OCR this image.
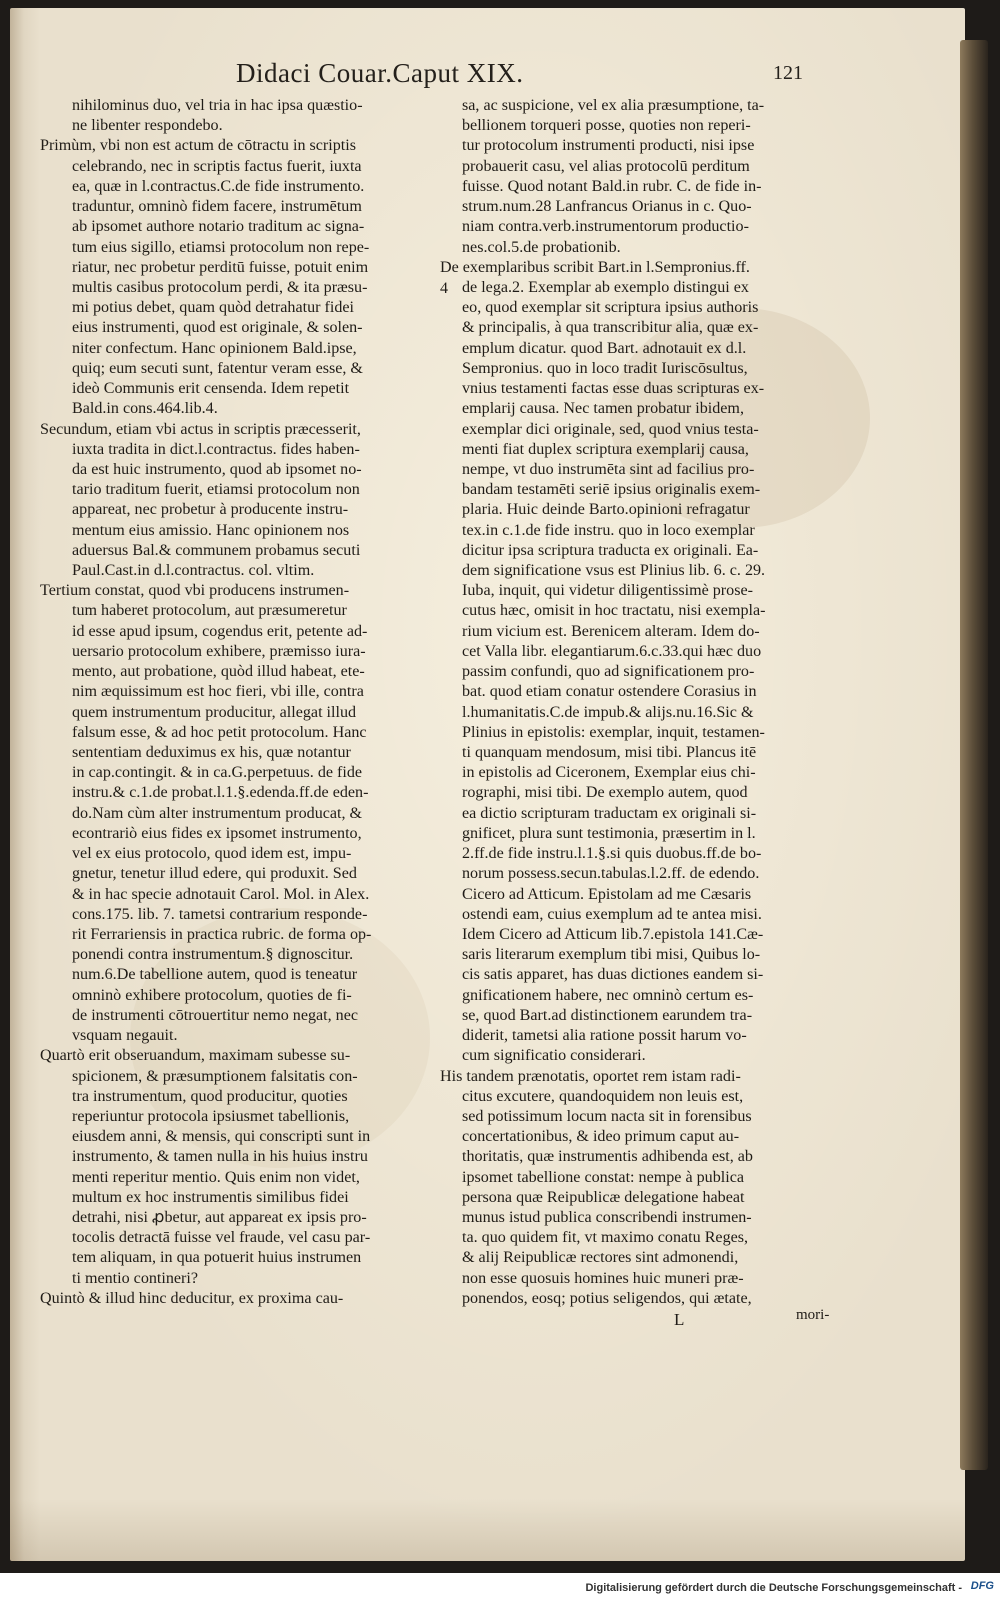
Didaci Couar.Caput XIX.	121
nihilominus duo, vel tria in hac ipsa quæstio-
ne libenter respondebo.
Primùm, vbi non est actum de cōtractu in scriptis
celebrando, nec in scriptis factus fuerit, iuxta
ea, quæ in l.contractus.C.de fide instrumento.
traduntur, omninò fidem facere, instrumētum
ab ipsomet authore notario traditum ac signa-
tum eius sigillo, etiamsi protocolum non repe-
riatur, nec probetur perditū fuisse, potuit enim
multis casibus protocolum perdi, & ita præsu-
mi potius debet, quam quòd detrahatur fidei
eius instrumenti, quod est originale, & solen-
niter confectum. Hanc opinionem Bald.ipse,
quiq; eum secuti sunt, fatentur veram esse, &
ideò Communis erit censenda. Idem repetit
Bald.in cons.464.lib.4.
Secundum, etiam vbi actus in scriptis præcesserit,
iuxta tradita in dict.l.contractus. fides haben-
da est huic instrumento, quod ab ipsomet no-
tario traditum fuerit, etiamsi protocolum non
appareat, nec probetur à producente instru-
mentum eius amissio. Hanc opinionem nos
aduersus Bal.& communem probamus secuti
Paul.Cast.in d.l.contractus. col. vltim.
Tertium constat, quod vbi producens instrumen-
tum haberet protocolum, aut præsumeretur
id esse apud ipsum, cogendus erit, petente ad-
uersario protocolum exhibere, præmisso iura-
mento, aut probatione, quòd illud habeat, ete-
nim æquissimum est hoc fieri, vbi ille, contra
quem instrumentum producitur, allegat illud
falsum esse, & ad hoc petit protocolum. Hanc
sententiam deduximus ex his, quæ notantur
in cap.contingit. & in ca.G.perpetuus. de fide
instru.& c.1.de probat.l.1.§.edenda.ff.de eden-
do.Nam cùm alter instrumentum producat, &
econtrariò eius fides ex ipsomet instrumento,
vel ex eius protocolo, quod idem est, impu-
gnetur, tenetur illud edere, qui produxit. Sed
& in hac specie adnotauit Carol. Mol. in Alex.
cons.175. lib. 7. tametsi contrarium responde-
rit Ferrariensis in practica rubric. de forma op-
ponendi contra instrumentum.§ dignoscitur.
num.6.De tabellione autem, quod is teneatur
omninò exhibere protocolum, quoties de fi-
de instrumenti cōtrouertitur nemo negat, nec
vsquam negauit.
Quartò erit obseruandum, maximam subesse su-
spicionem, & præsumptionem falsitatis con-
tra instrumentum, quod producitur, quoties
reperiuntur protocola ipsiusmet tabellionis,
eiusdem anni, & mensis, qui conscripti sunt in
instrumento, & tamen nulla in his huius instru
menti reperitur mentio. Quis enim non videt,
multum ex hoc instrumentis similibus fidei
detrahi, nisi ꝓbetur, aut appareat ex ipsis pro-
tocolis detractā fuisse vel fraude, vel casu par-
tem aliquam, in qua potuerit huius instrumen
ti mentio contineri?
Quintò & illud hinc deducitur, ex proxima cau-
sa, ac suspicione, vel ex alia præsumptione, ta-
bellionem torqueri posse, quoties non reperi-
tur protocolum instrumenti producti, nisi ipse
probauerit casu, vel alias protocolū perditum
fuisse. Quod notant Bald.in rubr. C. de fide in-
strum.num.28 Lanfrancus Orianus in c. Quo-
niam contra.verb.instrumentorum productio-
nes.col.5.de probationib.
De exemplaribus scribit Bart.in l.Sempronius.ff.
de lega.2. Exemplar ab exemplo distingui ex
eo, quod exemplar sit scriptura ipsius authoris
& principalis, à qua transcribitur alia, quæ ex-
emplum dicatur. quod Bart. adnotauit ex d.l.
Sempronius. quo in loco tradit Iuriscōsultus,
vnius testamenti factas esse duas scripturas ex-
emplarij causa. Nec tamen probatur ibidem,
exemplar dici originale, sed, quod vnius testa-
menti fiat duplex scriptura exemplarij causa,
nempe, vt duo instrumēta sint ad facilius pro-
bandam testamēti seriē ipsius originalis exem-
plaria. Huic deinde Barto.opinioni refragatur
tex.in c.1.de fide instru. quo in loco exemplar
dicitur ipsa scriptura traducta ex originali. Ea-
dem significatione vsus est Plinius lib. 6. c. 29.
Iuba, inquit, qui videtur diligentissimè prose-
cutus hæc, omisit in hoc tractatu, nisi exempla-
rium vicium est. Berenicem alteram. Idem do-
cet Valla libr. elegantiarum.6.c.33.qui hæc duo
passim confundi, quo ad significationem pro-
bat. quod etiam conatur ostendere Corasius in
l.humanitatis.C.de impub.& alijs.nu.16.Sic &
Plinius in epistolis: exemplar, inquit, testamen-
ti quanquam mendosum, misi tibi. Plancus itē
in epistolis ad Ciceronem, Exemplar eius chi-
rographi, misi tibi. De exemplo autem, quod
ea dictio scripturam traductam ex originali si-
gnificet, plura sunt testimonia, præsertim in l.
2.ff.de fide instru.l.1.§.si quis duobus.ff.de bo-
norum possess.secun.tabulas.l.2.ff. de edendo.
Cicero ad Atticum. Epistolam ad me Cæsaris
ostendi eam, cuius exemplum ad te antea misi.
Idem Cicero ad Atticum lib.7.epistola 141.Cæ-
saris literarum exemplum tibi misi, Quibus lo-
cis satis apparet, has duas dictiones eandem si-
gnificationem habere, nec omninò certum es-
se, quod Bart.ad distinctionem earundem tra-
diderit, tametsi alia ratione possit harum vo-
cum significatio considerari.
His tandem prænotatis, oportet rem istam radi-
citus excutere, quandoquidem non leuis est,
sed potissimum locum nacta sit in forensibus
concertationibus, & ideo primum caput au-
thoritatis, quæ instrumentis adhibenda est, ab
ipsomet tabellione constat: nempe à publica
persona quæ Reipublicæ delegatione habeat
munus istud publica conscribendi instrumen-
ta. quo quidem fit, vt maximo conatu Reges,
& alij Reipublicæ rectores sint admonendi,
non esse quosuis homines huic muneri præ-
ponendos, eosq; potius seligendos, qui ætate,
4
L	mori-
Digitalisierung gefördert durch die Deutsche Forschungsgemeinschaft - DFG
